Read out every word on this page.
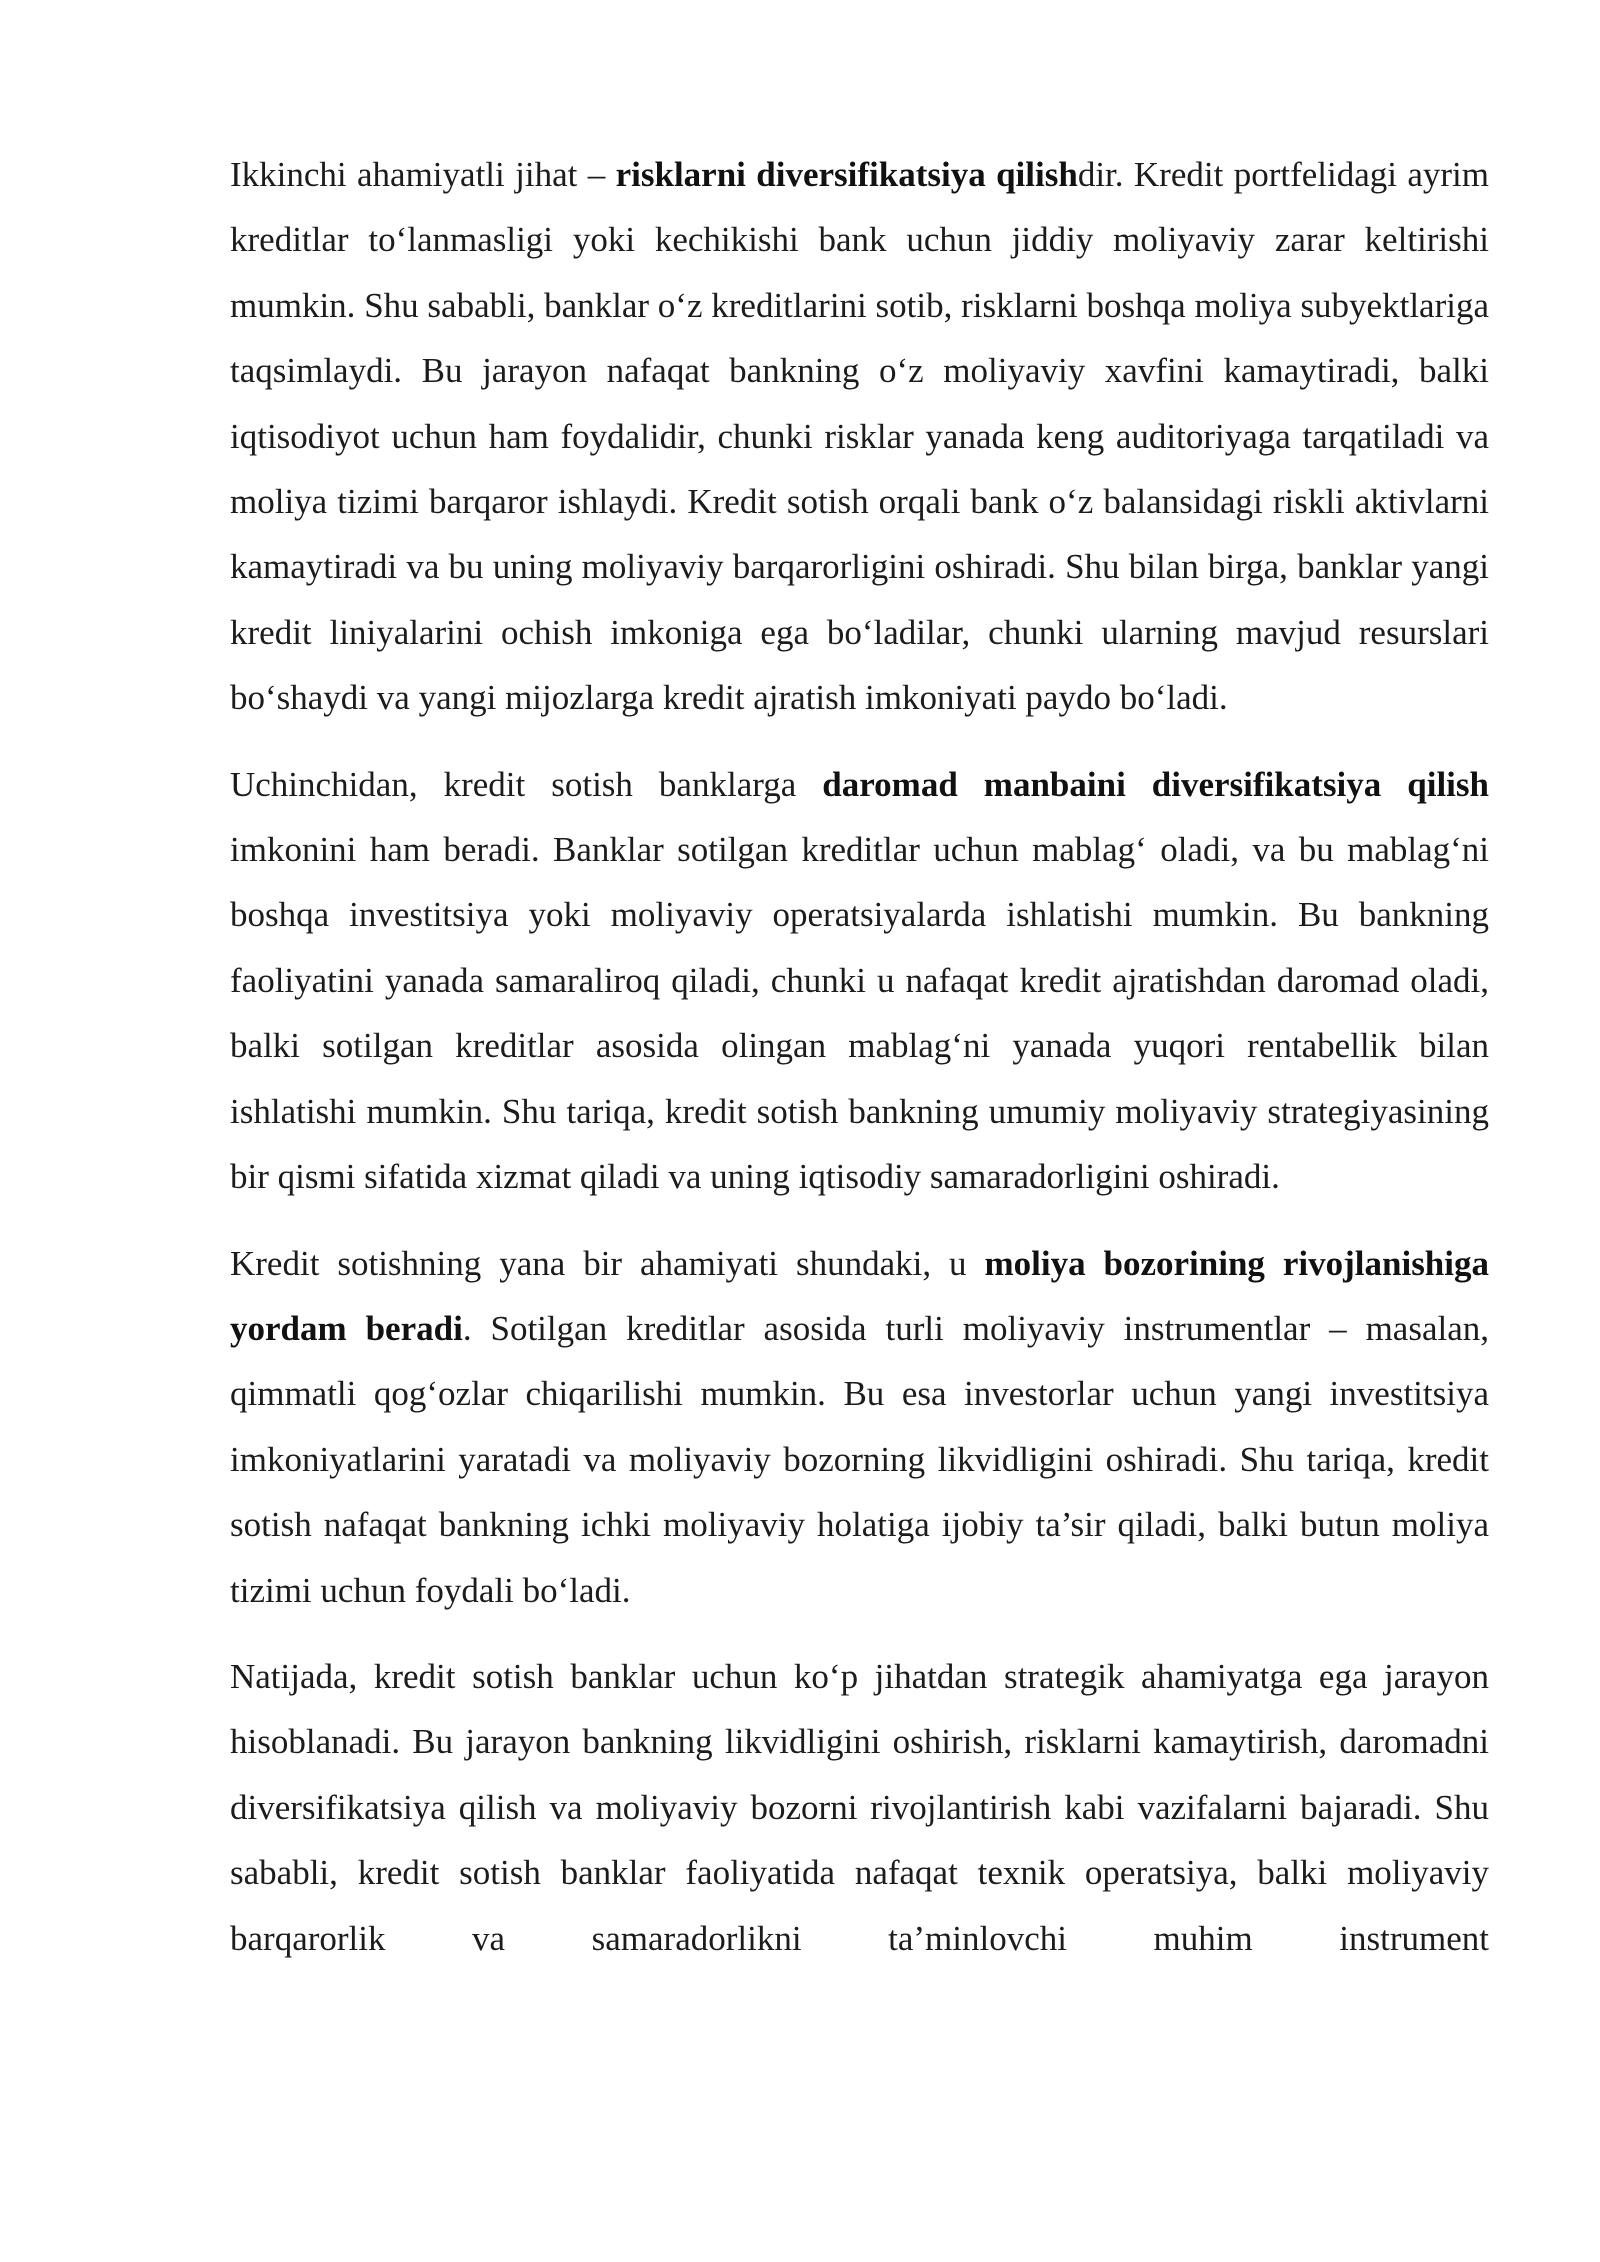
Ikkinchi ahamiyatli jihat – risklarni diversifikatsiya qilishdir. Kredit portfelidagi ayrim kreditlar to‘lanmasligi yoki kechikishi bank uchun jiddiy moliyaviy zarar keltirishi mumkin. Shu sababli, banklar o‘z kreditlarini sotib, risklarni boshqa moliya subyektlariga taqsimlaydi. Bu jarayon nafaqat bankning o‘z moliyaviy xavfini kamaytiradi, balki iqtisodiyot uchun ham foydalidir, chunki risklar yanada keng auditoriyaga tarqatiladi va moliya tizimi barqaror ishlaydi. Kredit sotish orqali bank o‘z balansidagi riskli aktivlarni kamaytiradi va bu uning moliyaviy barqarorligini oshiradi. Shu bilan birga, banklar yangi kredit liniyalarini ochish imkoniga ega bo‘ladilar, chunki ularning mavjud resurslari bo‘shaydi va yangi mijozlarga kredit ajratish imkoniyati paydo bo‘ladi.

Uchinchidan, kredit sotish banklarga daromad manbaini diversifikatsiya qilish imkonini ham beradi. Banklar sotilgan kreditlar uchun mablag‘ oladi, va bu mablag‘ni boshqa investitsiya yoki moliyaviy operatsiyalarda ishlatishi mumkin. Bu bankning faoliyatini yanada samaraliroq qiladi, chunki u nafaqat kredit ajratishdan daromad oladi, balki sotilgan kreditlar asosida olingan mablag‘ni yanada yuqori rentabellik bilan ishlatishi mumkin. Shu tariqa, kredit sotish bankning umumiy moliyaviy strategiyasining bir qismi sifatida xizmat qiladi va uning iqtisodiy samaradorligini oshiradi.

Kredit sotishning yana bir ahamiyati shundaki, u moliya bozorining rivojlanishiga yordam beradi. Sotilgan kreditlar asosida turli moliyaviy instrumentlar – masalan, qimmatli qog‘ozlar chiqarilishi mumkin. Bu esa investorlar uchun yangi investitsiya imkoniyatlarini yaratadi va moliyaviy bozorning likvidligini oshiradi. Shu tariqa, kredit sotish nafaqat bankning ichki moliyaviy holatiga ijobiy ta’sir qiladi, balki butun moliya tizimi uchun foydali bo‘ladi.

Natijada, kredit sotish banklar uchun ko‘p jihatdan strategik ahamiyatga ega jarayon hisoblanadi. Bu jarayon bankning likvidligini oshirish, risklarni kamaytirish, daromadni diversifikatsiya qilish va moliyaviy bozorni rivojlantirish kabi vazifalarni bajaradi. Shu sababli, kredit sotish banklar faoliyatida nafaqat texnik operatsiya, balki moliyaviy barqarorlik va samaradorlikni ta’minlovchi muhim instrument
